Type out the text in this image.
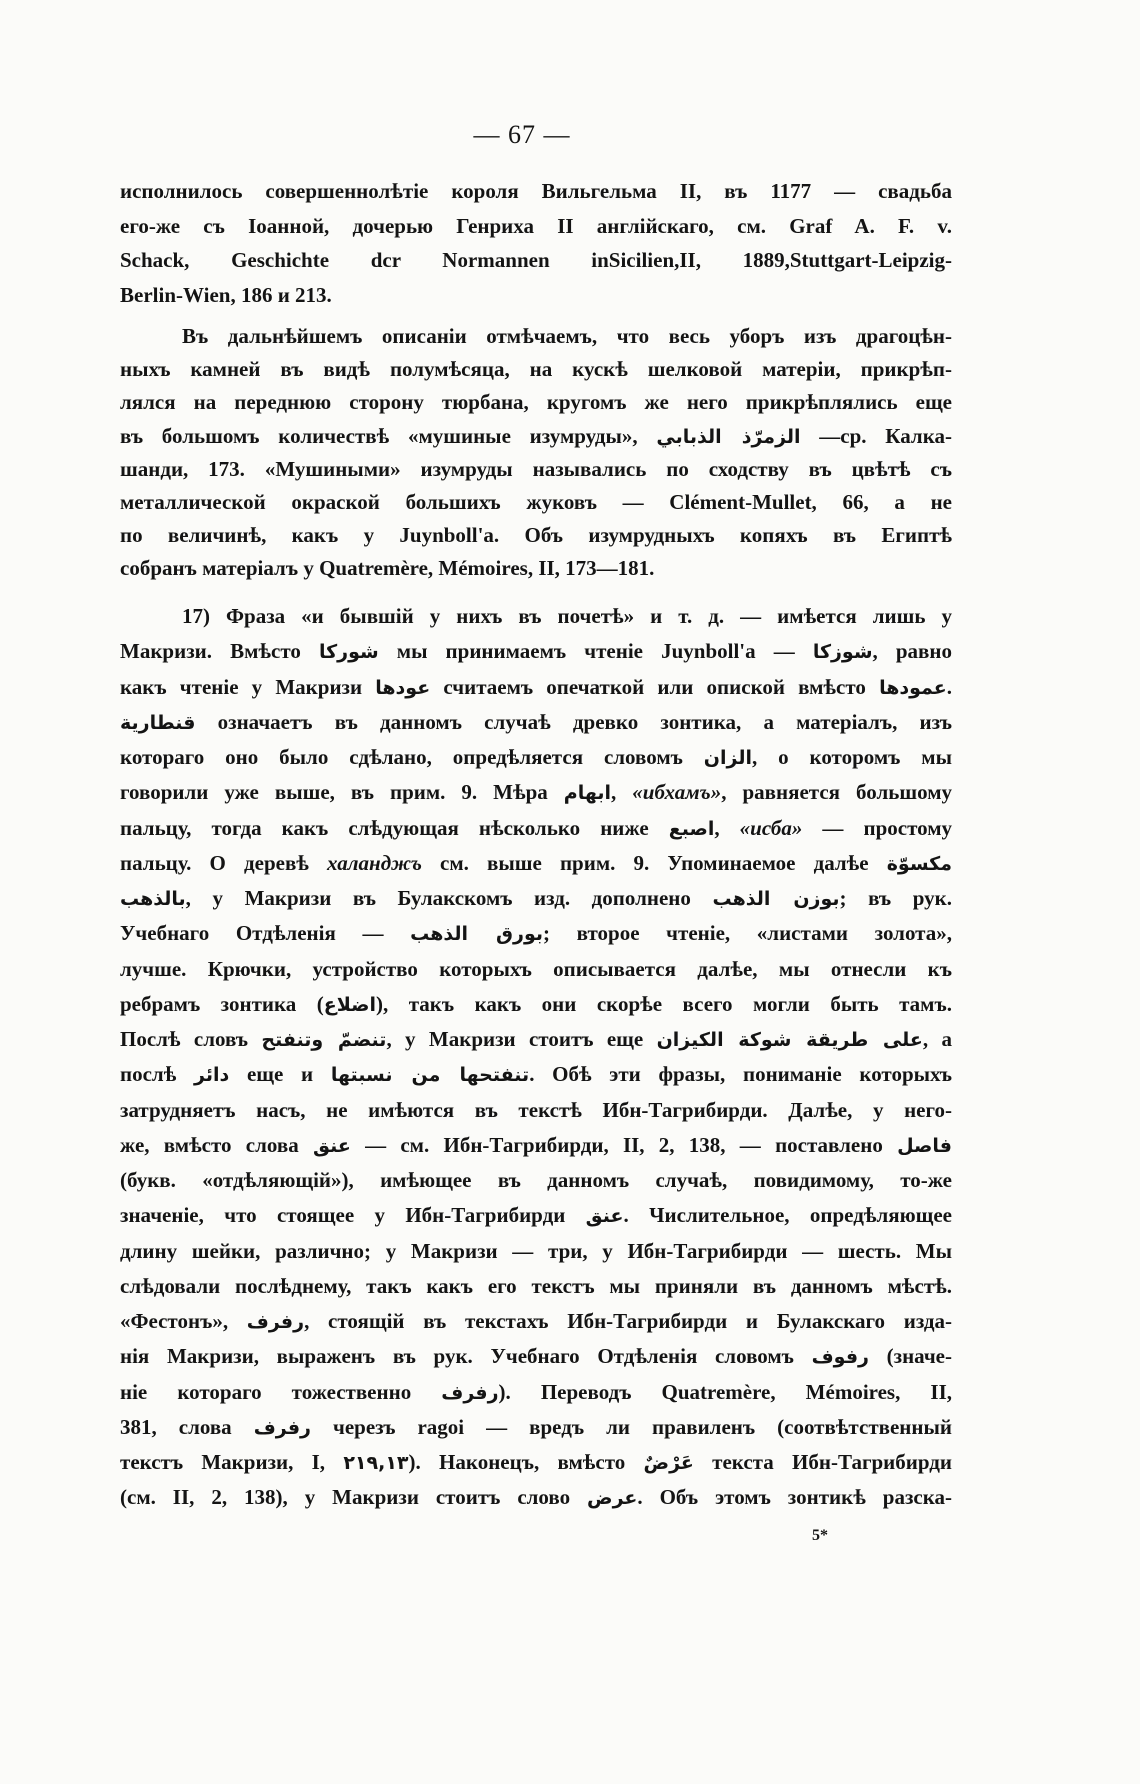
— 67 —
исполнилось совершеннолѣтіе короля Вильгельма II, въ 1177 — свадьба
его-же съ Іоанной, дочерью Генриха II англійскаго, см. Graf A. F. v.
Schack, Geschichte dcr Normannen inSicilien,II, 1889,Stuttgart-Leipzig-
Berlin-Wien, 186 и 213.
Въ дальнѣйшемъ описаніи отмѣчаемъ, что весь уборъ изъ драгоцѣн-
ныхъ камней въ видѣ полумѣсяца, на кускѣ шелковой матеріи, прикрѣп-
лялся на переднюю сторону тюрбана, кругомъ же него прикрѣплялись еще
въ большомъ количествѣ «мушиные изумруды», الزمرّذ الذبابي —ср. Калка-
шанди, 173. «Мушиными» изумруды назывались по сходству въ цвѣтѣ съ
металлической окраской большихъ жуковъ — Clément-Mullet, 66, а не
по величинѣ, какъ у Juynboll'a. Объ изумрудныхъ копяхъ въ Египтѣ
собранъ матеріалъ у Quatremère, Mémoires, II, 173—181.
17) Фраза «и бывшій у нихъ въ почетѣ» и т. д. — имѣется лишь у
Макризи. Вмѣсто شوركا мы принимаемъ чтеніе Juynboll'a — شوزكا, равно
какъ чтеніе у Макризи عودها считаемъ опечаткой или опиской вмѣсто عمودها.
قنطارية означаетъ въ данномъ случаѣ древко зонтика, а матеріалъ, изъ
котораго оно было сдѣлано, опредѣляется словомъ الزان, о которомъ мы
говорили уже выше, въ прим. 9. Мѣра ابهام, «ибхамъ», равняется большому
пальцу, тогда какъ слѣдующая нѣсколько ниже اصبع, «исба» — простому
пальцу. О деревѣ халанджъ см. выше прим. 9. Упоминаемое далѣе مكسوّة
بالذهب, у Макризи въ Булакскомъ изд. дополнено بوزن الذهب; въ рук.
Учебнаго Отдѣленія — بورق الذهب; второе чтеніе, «листами золота»,
лучше. Крючки, устройство которыхъ описывается далѣе, мы отнесли къ
ребрамъ зонтика (اضلاع), такъ какъ они скорѣе всего могли быть тамъ.
Послѣ словъ تنضمّ وتنفتح, у Макризи стоитъ еще على طريقة شوكة الكيزان, а
послѣ دائر еще и تنفتحها من نسبتها. Обѣ эти фразы, пониманіе которыхъ
затрудняетъ насъ, не имѣются въ текстѣ Ибн-Тагрибирди. Далѣе, у него-
же, вмѣсто слова عنق — см. Ибн-Тагрибирди, II, 2, 138, — поставлено فاصل
(букв. «отдѣляющій»), имѣющее въ данномъ случаѣ, повидимому, то-же
значеніе, что стоящее у Ибн-Тагрибирди عنق. Числительное, опредѣляющее
длину шейки, различно; у Макризи — три, у Ибн-Тагрибирди — шесть. Мы
слѣдовали послѣднему, такъ какъ его текстъ мы приняли въ данномъ мѣстѣ.
«Фестонъ», رفرف, стоящій въ текстахъ Ибн-Тагрибирди и Булакскаго изда-
нія Макризи, выраженъ въ рук. Учебнаго Отдѣленія словомъ رفوف (значе-
ніе котораго тожественно رفرف). Переводъ Quatremère, Mémoires, II,
381, слова رفرف черезъ ragoi — вредъ ли правиленъ (соотвѣтственный
текстъ Макризи, I, ٢١٩,١٣). Наконецъ, вмѣсто عَرْضٌ текста Ибн-Тагрибирди
(см. II, 2, 138), у Макризи стоитъ слово عرض. Объ этомъ зонтикѣ разска-
5*
